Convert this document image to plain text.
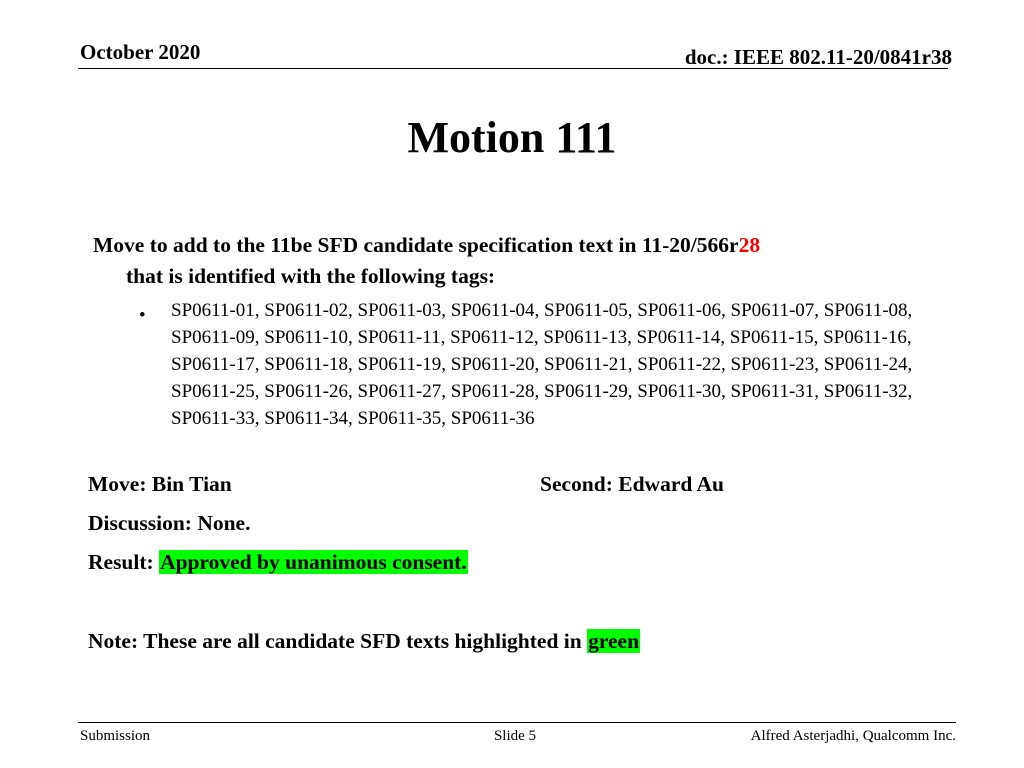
October 2020	doc.: IEEE 802.11-20/0841r38
Motion 111
Move to add to the 11be SFD candidate specification text in 11-20/566r28
that is identified with the following tags:
• SP0611-01, SP0611-02, SP0611-03, SP0611-04, SP0611-05, SP0611-06, SP0611-07, SP0611-08, SP0611-09, SP0611-10, SP0611-11, SP0611-12, SP0611-13, SP0611-14, SP0611-15, SP0611-16, SP0611-17, SP0611-18, SP0611-19, SP0611-20, SP0611-21, SP0611-22, SP0611-23, SP0611-24, SP0611-25, SP0611-26, SP0611-27, SP0611-28, SP0611-29, SP0611-30, SP0611-31, SP0611-32, SP0611-33, SP0611-34, SP0611-35, SP0611-36
Move: Bin Tian	Second: Edward Au
Discussion: None.
Result: Approved by unanimous consent.
Note: These are all candidate SFD texts highlighted in green
Submission	Slide 5	Alfred Asterjadhi, Qualcomm Inc.
